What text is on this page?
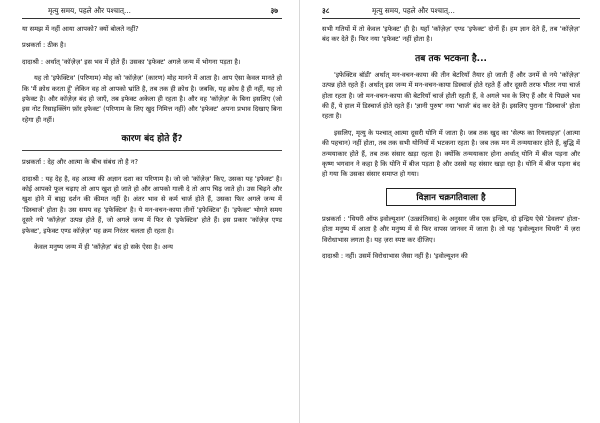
मृत्यु समय, पहले और पश्चात्...	३७

या समझ में नहीं आया आपको? क्यों बोलते नहीं?

प्रश्नकर्ता : ठीक है।

दादाश्री : अर्थात् 'कॉज़ेज़' इस भव में होते हैं। उसका 'इफेक्ट' अगले जन्म में भोगना पड़ता है।

यह तो 'इफेक्टिव' (परिणाम) मोह को 'कॉज़ेज़' (कारण) मोह मानने में आता है। आप ऐसा केवल मानते हो कि 'मैं क्रोध करता हूँ' लेकिन वह तो आपको भ्रांति है, तब तक ही क्रोध है। जबकि, यह क्रोध है ही नहीं, यह तो इफेक्ट है। और कॉज़ेज़ बंद हो जाएँ, तब इफेक्ट अकेला ही रहता है। और वह 'कॉज़ेज़' के बिना इसलिए (जो इस नोट रिसाइक्लिंग फ़ॉर इफेक्ट' (परिणाम के लिए खुद निमित्त नहीं) और 'इफेक्ट' अपना प्रभाव दिखाए बिना रहेगा ही नहीं।

कारण बंद होते हैं?

प्रश्नकर्ता : देह और आत्मा के बीच संबंध तो है न?

दादाश्री : यह देह है, वह आत्मा की अज्ञान दशा का परिणाम है। जो जो 'कॉज़ेज़' किए, उसका यह 'इफेक्ट' है। कोई आपको फूल चढ़ाए तो आप खुश हो जाते हो और आपको गाली दे तो आप चिढ़ जाते हो। उस चिढ़ने और खुश होने में बाह्य दर्शन की कीमत नहीं है। अंतर भाव से कर्म चार्ज होते हैं, उसका फिर अगले जन्म में 'डिस्चार्ज' होता है। उस समय वह 'इफेक्टिव' है। ये मन-वचन-काया तीनों 'इफेक्टिव' हैं। 'इफेक्ट' भोगते समय दूसरे नये 'कॉज़ेज़' उत्पन्न होते हैं, जो अगले जन्म में फिर से 'इफेक्टिव' होते हैं। इस प्रकार 'कॉज़ेज़ एण्ड इफेक्ट', इफेक्ट एण्ड कॉज़ेज़' यह क्रम निरंतर चलता ही रहता है।

केवल मनुष्य जन्म में ही 'कॉज़ेज़' बंद हो सके ऐसा है। अन्य

३८	मृत्यु समय, पहले और पश्चात्...

सभी गतियों में तो केवल 'इफेक्ट' ही है। यहाँ 'कॉज़ेज़' एण्ड 'इफेक्ट' दोनों हैं। हम ज्ञान देते हैं, तब 'कॉज़ेज़' बंद कर देते हैं। फिर नया 'इफेक्ट' नहीं होता है।

तब तक भटकना है...

'इफेक्टिव बॉडी' अर्थात् मन-वचन-काया की तीन बेटरियाँ तैयार हो जाती हैं और उनमें से नये 'कॉज़ेज़' उत्पन्न होते रहते हैं। अर्थात् इस जन्म में मन-वचन-काया डिस्चार्ज होते रहते हैं और दूसरी तरफ भीतर नया चार्ज होता रहता है। जो मन-वचन-काया की बेटरियाँ चार्ज होती रहती हैं, वे अगले भव के लिए हैं और ये पिछले भव की हैं, ये हाल में डिस्चार्ज होते रहते हैं। 'ज्ञानी पुरुष' नया 'चार्ज' बंद कर देते हैं। इसलिए पुराना 'डिस्चार्ज' होता रहता है।

इसलिए, मृत्यु के पश्चात् आत्मा दूसरी योनि में जाता है। जब तक खुद का 'सेल्फ का रियलाइज़' (आत्मा की पहचान) नहीं होता, तब तक सभी योनियों में भटकना रहता है। जब तक मन में तन्मयाकार होते हैं, बुद्धि में तन्मयाकार होते हैं, तब तक संसार खड़ा रहता है। क्योंकि तन्मयाकार होना अर्थात् योनि में बीज पड़ना और कृष्ण भगवान ने कहा है कि योनि में बीज पड़ता है और उससे यह संसार खड़ा रहा है। योनि में बीज पड़ना बंद हो गया कि उसका संसार समाप्त हो गया।

विज्ञान चक्रगतिवाला है

प्रश्नकर्ता : 'थियरी ऑफ इवोल्यूशन' (उत्क्रांतिवाद) के अनुसार जीव एक इन्द्रिय, दो इन्द्रिय ऐसे 'डेवलप' होता-होता मनुष्य में आता है और मनुष्य में से फिर वापस जानवर में जाता है। तो यह 'इवोल्यूशन थियरी' में ज़रा विरोधाभास लगता है। यह ज़रा स्पष्ट कर दीजिए।

दादाश्री : नहीं। उसमें विरोधाभास जैसा नहीं है। 'इवोल्यूशन की
